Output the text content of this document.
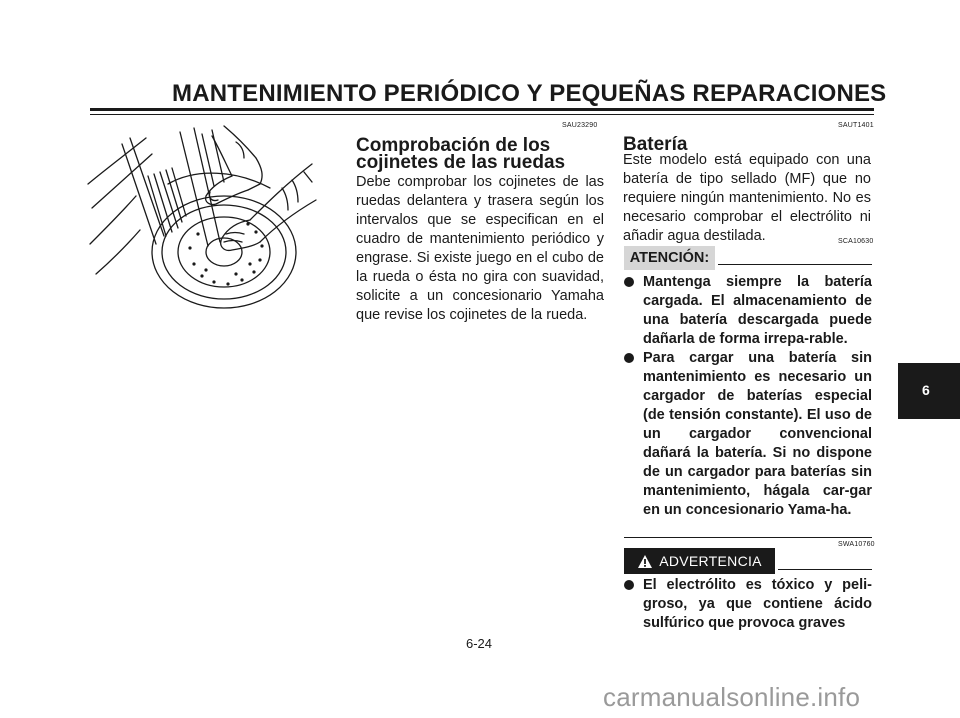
MANTENIMIENTO PERIÓDICO Y PEQUEÑAS REPARACIONES
SAU23290
Comprobación de los
cojinetes de las ruedas

Debe comprobar los cojinetes de las ruedas delantera y trasera según los intervalos que se especifican en el cuadro de mantenimiento periódico y engrase. Si existe juego en el cubo de la rueda o ésta no gira con suavidad, solicite a un concesionario Yamaha que revise los cojinetes de la rueda.

SAUT1401
Batería

Este modelo está equipado con una batería de tipo sellado (MF) que no requiere ningún mantenimiento. No es necesario comprobar el electrólito ni añadir agua destilada.	SCA10630
ATENCIÓN:
Mantenga siempre la batería cargada. El almacenamiento de una batería descargada puede dañarla de forma irrepa-rable.
Para cargar una batería sin mantenimiento es necesario un cargador de baterías especial (de tensión constante). El uso de un cargador convencional dañará la batería. Si no dispone de un cargador para baterías sin mantenimiento, hágala car-gar en un concesionario Yama-ha.
SWA10760
ADVERTENCIA
El electrólito es tóxico y peli-groso, ya que contiene ácido sulfúrico que provoca graves
6
6-24
carmanualsonline.info
